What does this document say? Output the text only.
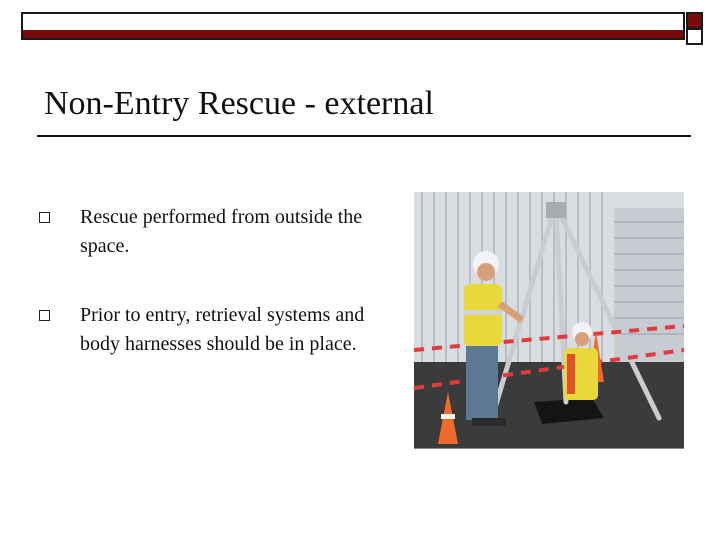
Non-Entry Rescue - external
Rescue performed from outside the space.
Prior to entry, retrieval systems and body harnesses should be in place.
